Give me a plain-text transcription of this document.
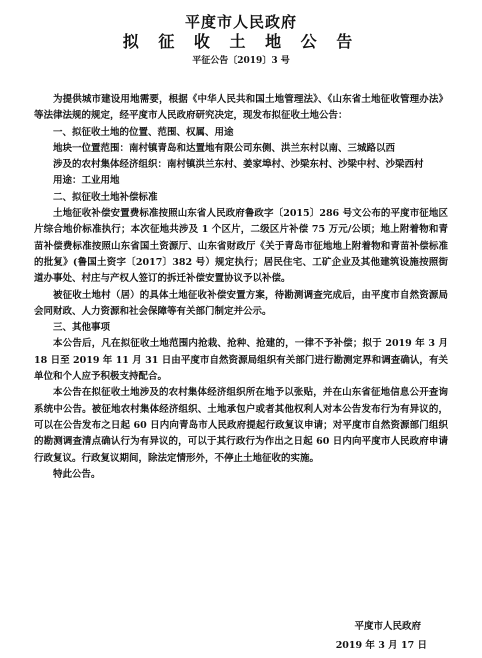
平度市人民政府
拟 征 收 土 地 公 告
平征公告〔2019〕3 号

为提供城市建设用地需要，根据《中华人民共和国土地管理法》、《山东省土地征收管理办法》等法律法规的规定，经平度市人民政府研究决定，现发布拟征收土地公告：

一、拟征收土地的位置、范围、权属、用途

地块一位置范围：南村镇青岛和达置地有限公司东侧、洪兰东村以南、三城路以西

涉及的农村集体经济组织：南村镇洪兰东村、姜家埠村、沙梁东村、沙梁中村、沙梁西村

用途：工业用地

二、拟征收土地补偿标准

土地征收补偿安置费标准按照山东省人民政府鲁政字〔2015〕286 号文公布的平度市征地区片综合地价标准执行；本次征地共涉及 1 个区片，二级区片补偿 75 万元/公顷；地上附着物和青苗补偿费标准按照山东省国土资源厅、山东省财政厅《关于青岛市征地地上附着物和青苗补偿标准的批复》(鲁国土资字〔2017〕382 号）规定执行；居民住宅、工矿企业及其他建筑设施按照街道办事处、村庄与产权人签订的拆迁补偿安置协议予以补偿。

被征收土地村（居）的具体土地征收补偿安置方案，待勘测调查完成后，由平度市自然资源局会同财政、人力资源和社会保障等有关部门制定并公示。

三、其他事项

本公告后，凡在拟征收土地范围内抢栽、抢种、抢建的，一律不予补偿；拟于 2019 年 3 月 18 日至 2019 年 11 月 31 日由平度市自然资源局组织有关部门进行勘测定界和调查确认，有关单位和个人应予积极支持配合。

本公告在拟征收土地涉及的农村集体经济组织所在地予以张贴，并在山东省征地信息公开查询系统中公告。被征地农村集体经济组织、土地承包户或者其他权利人对本公告发布行为有异议的，可以在公告发布之日起 60 日内向青岛市人民政府提起行政复议申请；对平度市自然资源部门组织的勘测调查清点确认行为有异议的，可以于其行政行为作出之日起 60 日内向平度市人民政府申请行政复议。行政复议期间，除法定情形外，不停止土地征收的实施。

特此公告。

平度市人民政府
2019 年 3 月 17 日
